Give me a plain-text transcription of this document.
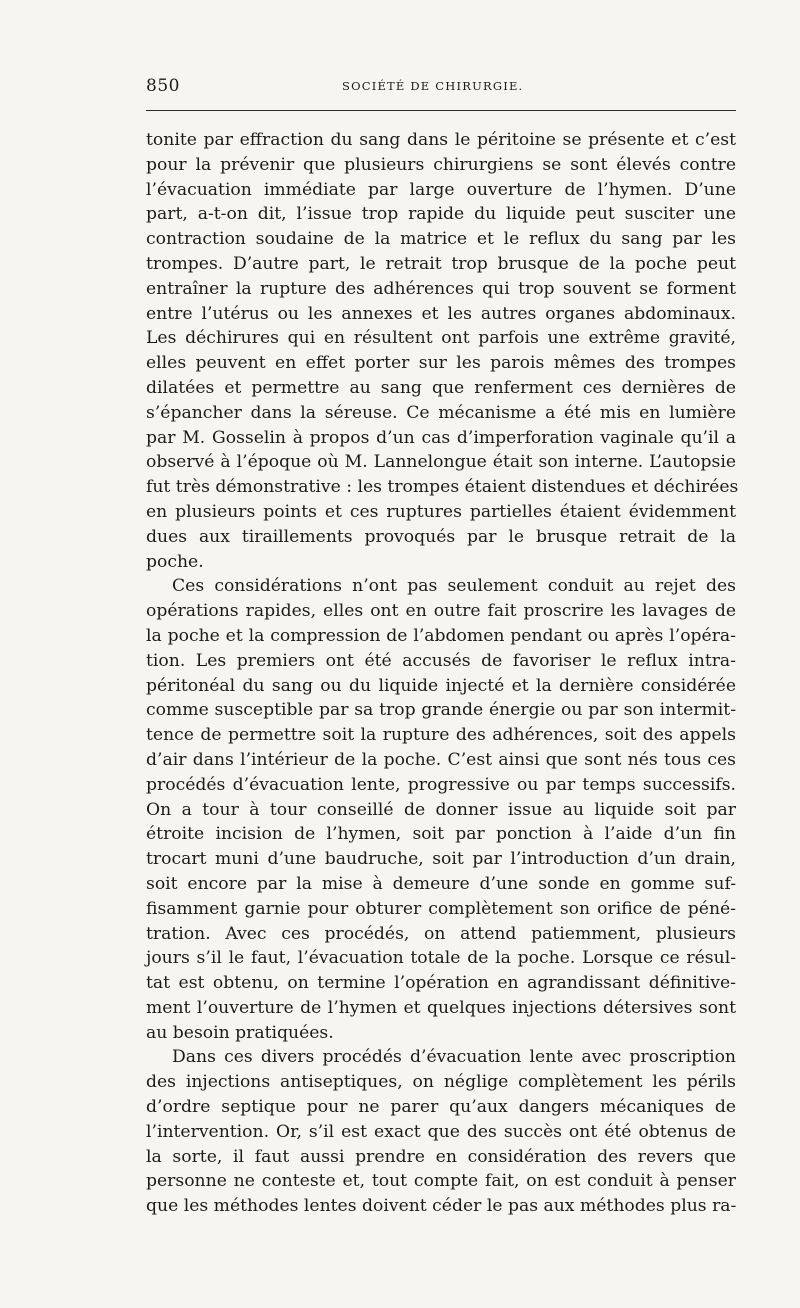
850	SOCIÉTÉ DE CHIRURGIE.
tonite par effraction du sang dans le péritoine se présente et c’est
pour la prévenir que plusieurs chirurgiens se sont élevés contre
l’évacuation immédiate par large ouverture de l’hymen. D’une
part, a-t-on dit, l’issue trop rapide du liquide peut susciter une
contraction soudaine de la matrice et le reflux du sang par les
trompes. D’autre part, le retrait trop brusque de la poche peut
entraîner la rupture des adhérences qui trop souvent se forment
entre l’utérus ou les annexes et les autres organes abdominaux.
Les déchirures qui en résultent ont parfois une extrême gravité,
elles peuvent en effet porter sur les parois mêmes des trompes
dilatées et permettre au sang que renferment ces dernières de
s’épancher dans la séreuse. Ce mécanisme a été mis en lumière
par M. Gosselin à propos d’un cas d’imperforation vaginale qu’il a
observé à l’époque où M. Lannelongue était son interne. L’autopsie
fut très démonstrative : les trompes étaient distendues et déchirées
en plusieurs points et ces ruptures partielles étaient évidemment
dues aux tiraillements provoqués par le brusque retrait de la
poche.
Ces considérations n’ont pas seulement conduit au rejet des
opérations rapides, elles ont en outre fait proscrire les lavages de
la poche et la compression de l’abdomen pendant ou après l’opéra-
tion. Les premiers ont été accusés de favoriser le reflux intra-
péritonéal du sang ou du liquide injecté et la dernière considérée
comme susceptible par sa trop grande énergie ou par son intermit-
tence de permettre soit la rupture des adhérences, soit des appels
d’air dans l’intérieur de la poche. C’est ainsi que sont nés tous ces
procédés d’évacuation lente, progressive ou par temps successifs.
On a tour à tour conseillé de donner issue au liquide soit par
étroite incision de l’hymen, soit par ponction à l’aide d’un fin
trocart muni d’une baudruche, soit par l’introduction d’un drain,
soit encore par la mise à demeure d’une sonde en gomme suf-
fisamment garnie pour obturer complètement son orifice de péné-
tration. Avec ces procédés, on attend patiemment, plusieurs
jours s’il le faut, l’évacuation totale de la poche. Lorsque ce résul-
tat est obtenu, on termine l’opération en agrandissant définitive-
ment l’ouverture de l’hymen et quelques injections détersives sont
au besoin pratiquées.
Dans ces divers procédés d’évacuation lente avec proscription
des injections antiseptiques, on néglige complètement les périls
d’ordre septique pour ne parer qu’aux dangers mécaniques de
l’intervention. Or, s’il est exact que des succès ont été obtenus de
la sorte, il faut aussi prendre en considération des revers que
personne ne conteste et, tout compte fait, on est conduit à penser
que les méthodes lentes doivent céder le pas aux méthodes plus ra-
